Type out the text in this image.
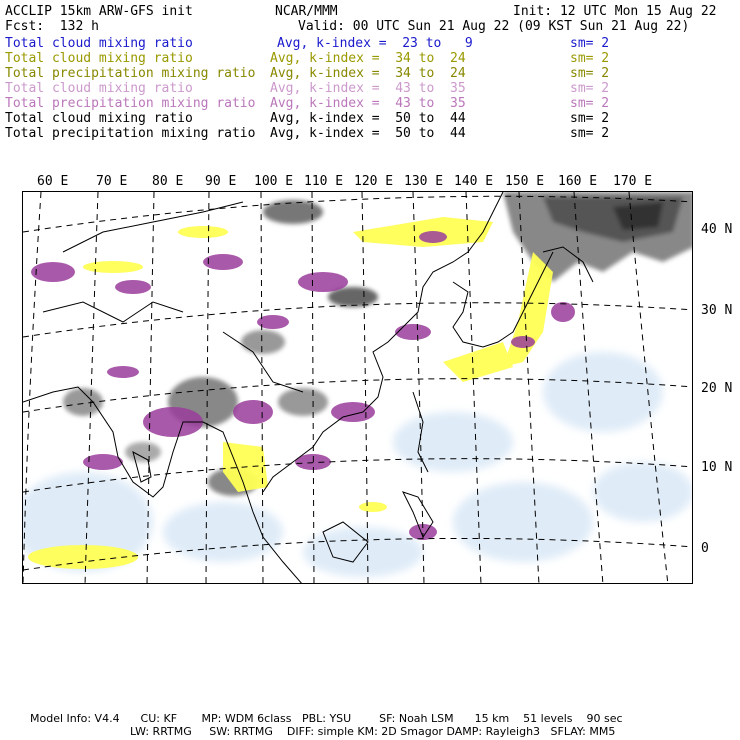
ACCLIP 15km ARW-GFS init	NCAR/MMM	Init: 12 UTC Mon 15 Aug 22
Fcst:  132 h	Valid: 00 UTC Sun 21 Aug 22 (09 KST Sun 21 Aug 22)
Total cloud mixing ratio	Avg, k-index =  23 to   9	sm= 2
Total cloud mixing ratio	Avg, k-index =  34 to  24	sm= 2
Total precipitation mixing ratio Avg, k-index =  34 to  24	sm= 2
Total cloud mixing ratio	Avg, k-index =  43 to  35	sm= 2
Total precipitation mixing ratio Avg, k-index =  43 to  35	sm= 2
Total cloud mixing ratio	Avg, k-index =  50 to  44	sm= 2
Total precipitation mixing ratio Avg, k-index =  50 to  44	sm= 2
60 E 70 E 80 E 90 E 100 E 110 E 120 E 130 E 140 E 150 E 160 E 170 E
40 N
30 N
20 N
10 N
0
Model Info: V4.4      CU: KF       MP: WDM 6class   PBL: YSU        SF: Noah LSM      15 km    51 levels    90 sec
LW: RRTMG     SW: RRTMG    DIFF: simple KM: 2D Smagor DAMP: Rayleigh3   SFLAY: MM5
